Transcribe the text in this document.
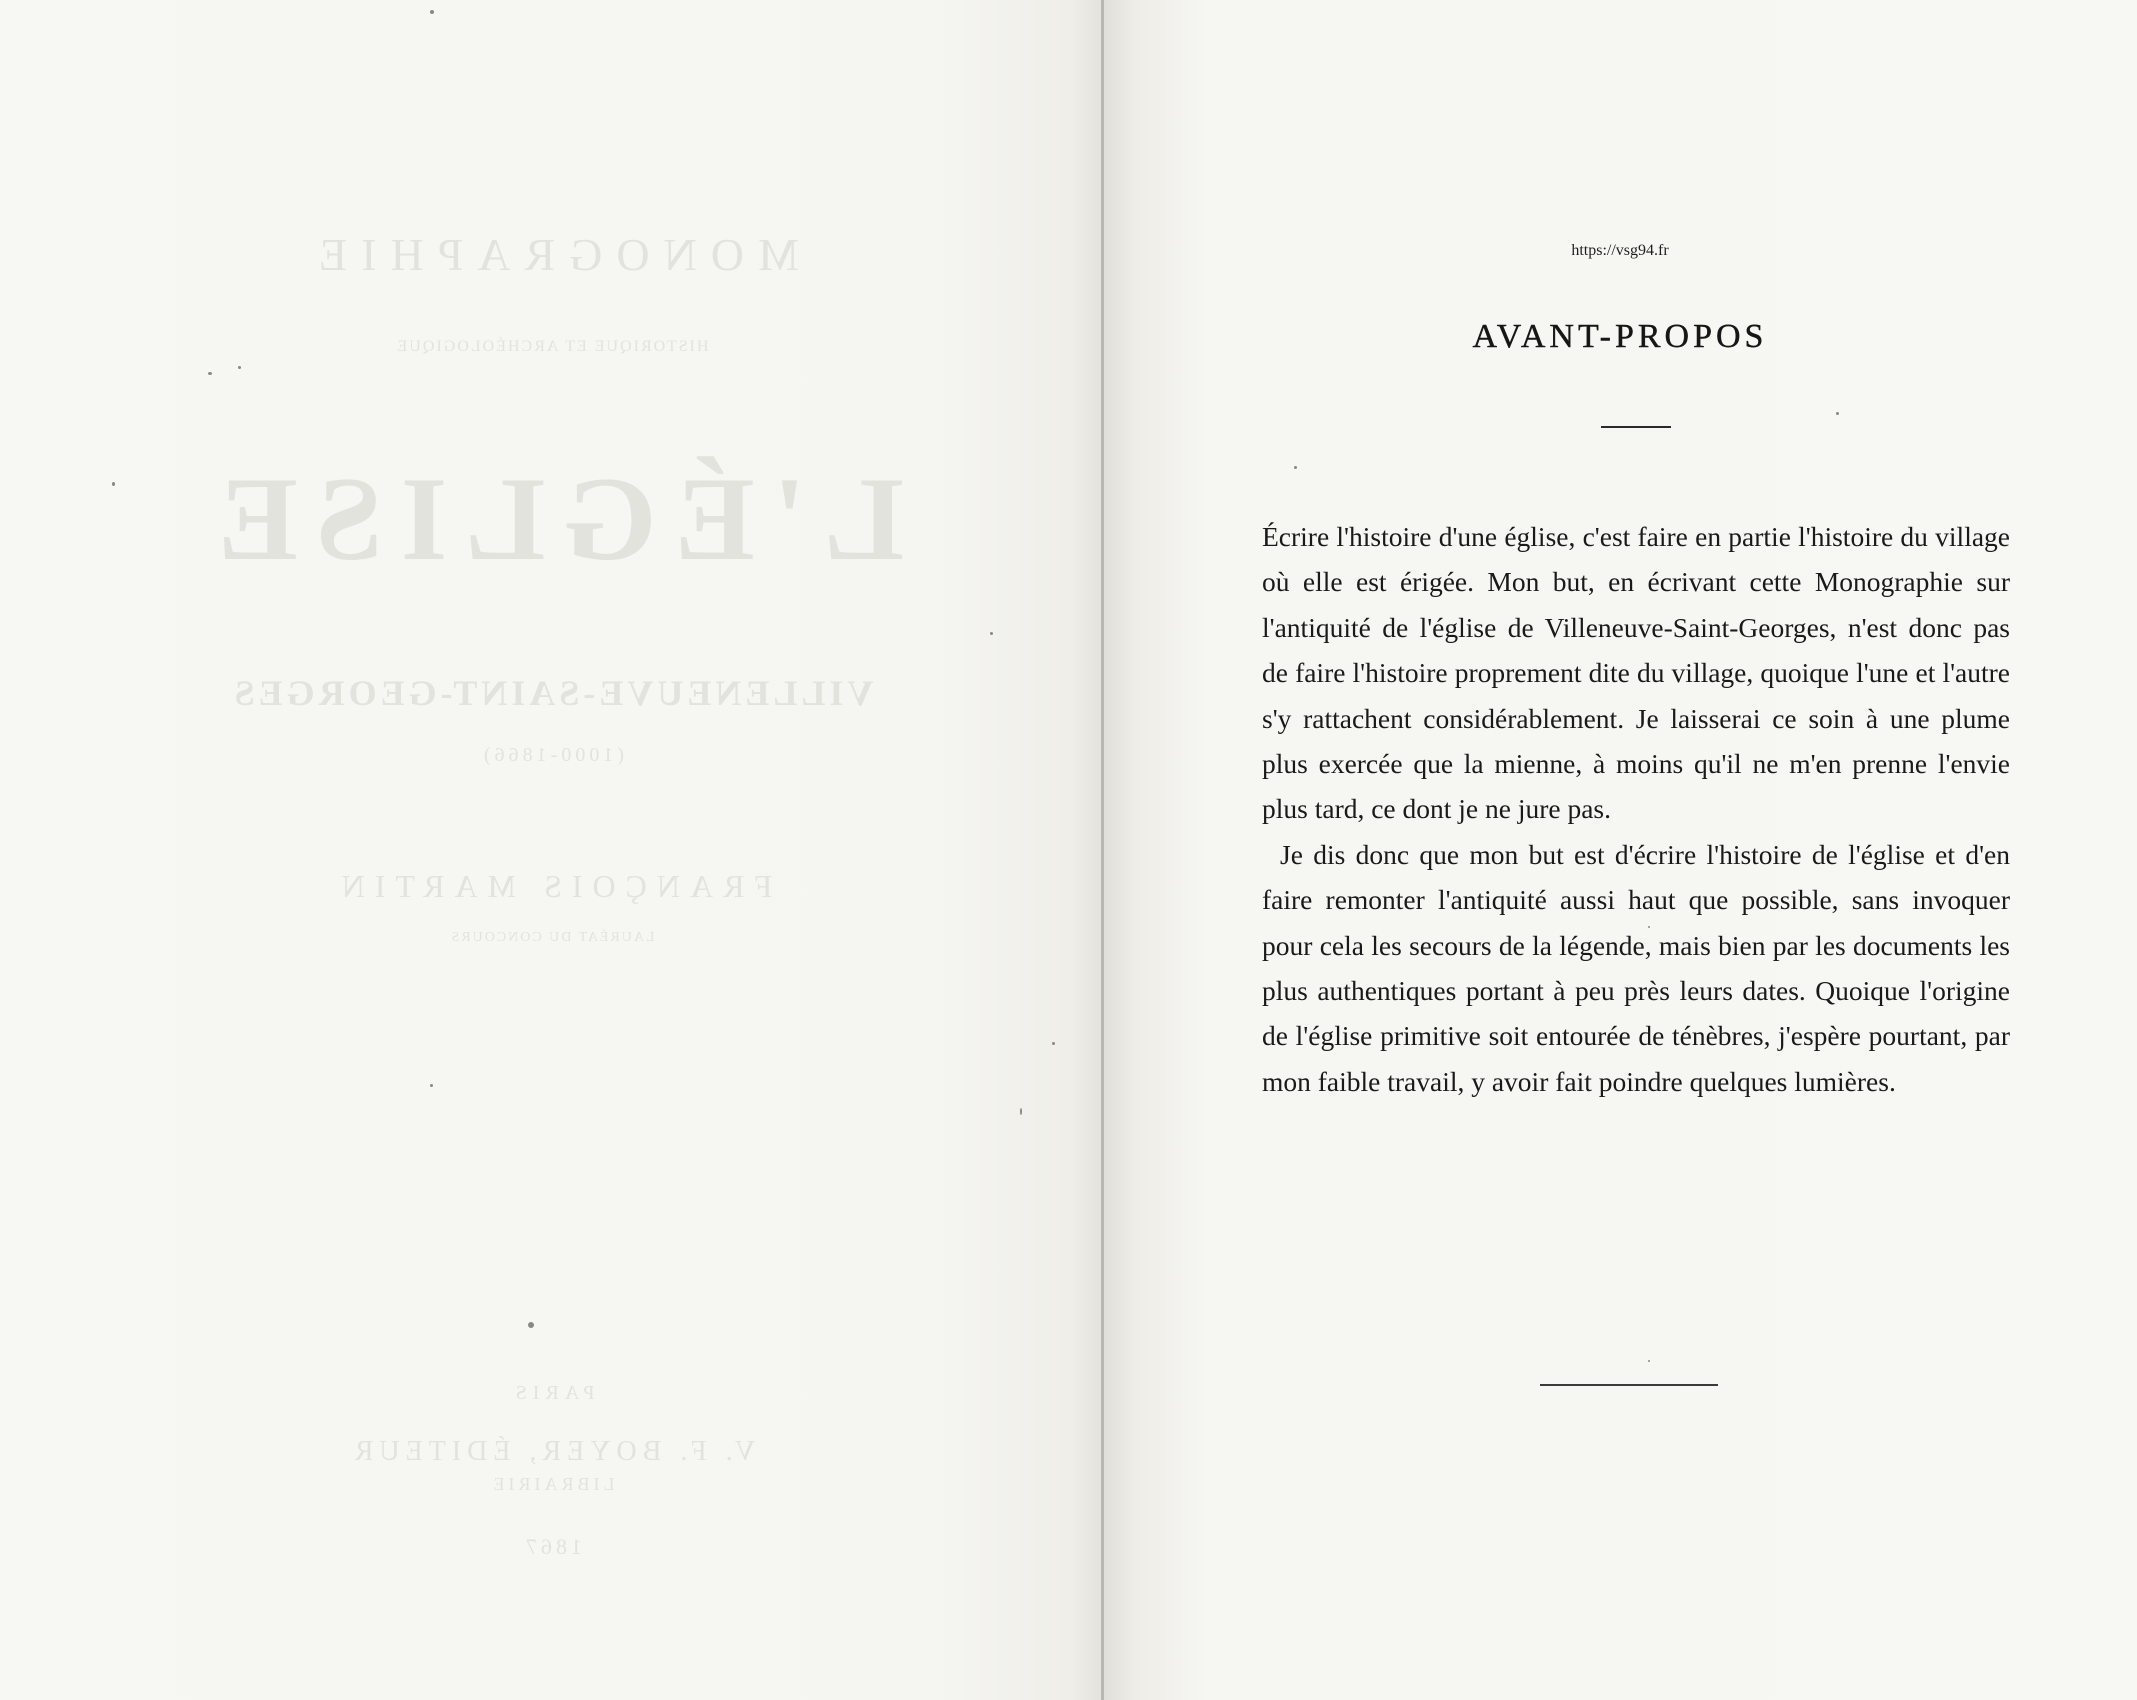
MONOGRAPHIE
HISTORIQUE ET ARCHÉOLOGIQUE
L'ÉGLISE
VILLENEUVE-SAINT-GEORGES
(1000-1866)
FRANÇOIS MARTIN
LAURÉAT DU CONCOURS
PARIS
V. F. BOYER, ÉDITEUR
LIBRAIRIE
1867
https://vsg94.fr
AVANT-PROPOS

Écrire l'histoire d'une église, c'est faire en partie l'histoire du village où elle est érigée. Mon but, en écrivant cette Monographie sur l'antiquité de l'église de Villeneuve-Saint-Georges, n'est donc pas de faire l'histoire proprement dite du village, quoique l'une et l'autre s'y rattachent considérablement. Je laisserai ce soin à une plume plus exercée que la mienne, à moins qu'il ne m'en prenne l'envie plus tard, ce dont je ne jure pas.

Je dis donc que mon but est d'écrire l'histoire de l'église et d'en faire remonter l'antiquité aussi haut que possible, sans invoquer pour cela les secours de la légende, mais bien par les documents les plus authentiques portant à peu près leurs dates. Quoique l'origine de l'église primitive soit entourée de ténèbres, j'espère pourtant, par mon faible travail, y avoir fait poindre quelques lumières.
